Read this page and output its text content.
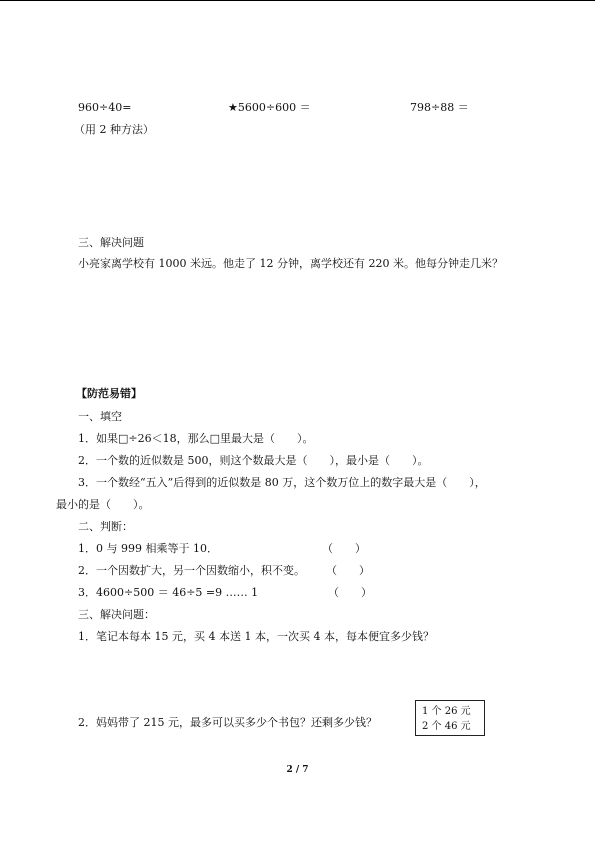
960÷40=	★5600÷600 ＝	798÷88 ＝
（用 2 种方法）
三、解决问题
小亮家离学校有 1000 米远。他走了 12 分钟，离学校还有 220 米。他每分钟走几米？
【防范易错】
一、填空
1．如果□÷26＜18，那么□里最大是（　　）。
2．一个数的近似数是 500，则这个数最大是（　　），最小是（　　）。
3．一个数经“五入”后得到的近似数是 80 万，这个数万位上的数字最大是（　　），
最小的是（　　）。
二、判断：
1．0 与 999 相乘等于 10．	（　　）
2．一个因数扩大，另一个因数缩小，积不变。 （　　）
3．4600÷500 ＝ 46÷5 =9 …… 1	（　　）
三、解决问题：
1．笔记本每本 15 元，买 4 本送 1 本，一次买 4 本，每本便宜多少钱？
2．妈妈带了 215 元，最多可以买多少个书包？还剩多少钱？
1 个 26 元
2 个 46 元
2 / 7
